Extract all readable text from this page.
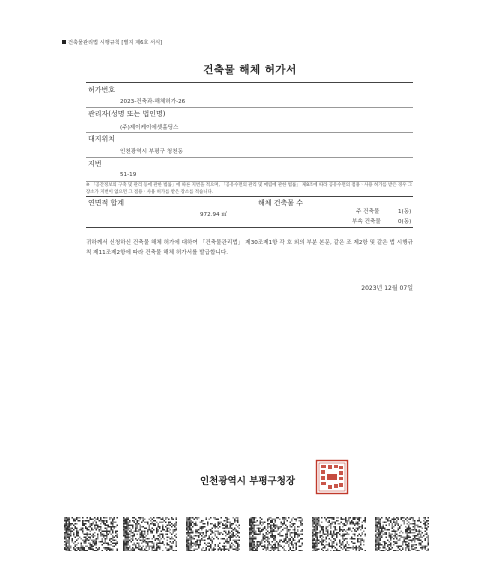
건축물관리법 시행규칙 [별지 제6호 서식]
건축물 해체 허가서
허가번호
2023-건축과-해체허가-26
관리자(성명 또는 법인명)
(주)제이케이에셋홀딩스
대지위치
인천광역시 부평구 청천동
지번
51-19
※ 「공간정보의 구축 및 관리 등에 관한 법률」에 따른 지번을 적으며, 「공유수면의 관리 및 매립에 관한 법률」 제8조에 따라 공유수면의 점용ㆍ사용 허가를 받은 경우 그 장소가 지번이 없으면 그 점용ㆍ사용 허가를 받은 장소를 적습니다.
연면적 합계
972.94 ㎡
해체 건축물 수
주 건축물	1(동)
부속 건축물	0(동)
귀하께서 신청하신 건축물 해체 허가에 대하여 「건축물관리법」 제30조제1항 각 호 외의 부분 본문, 같은 조 제2항 및 같은 법 시행규칙 제11조제2항에 따라 건축물 해체 허가서를 발급합니다.
2023년 12월 07일
인천광역시 부평구청장
